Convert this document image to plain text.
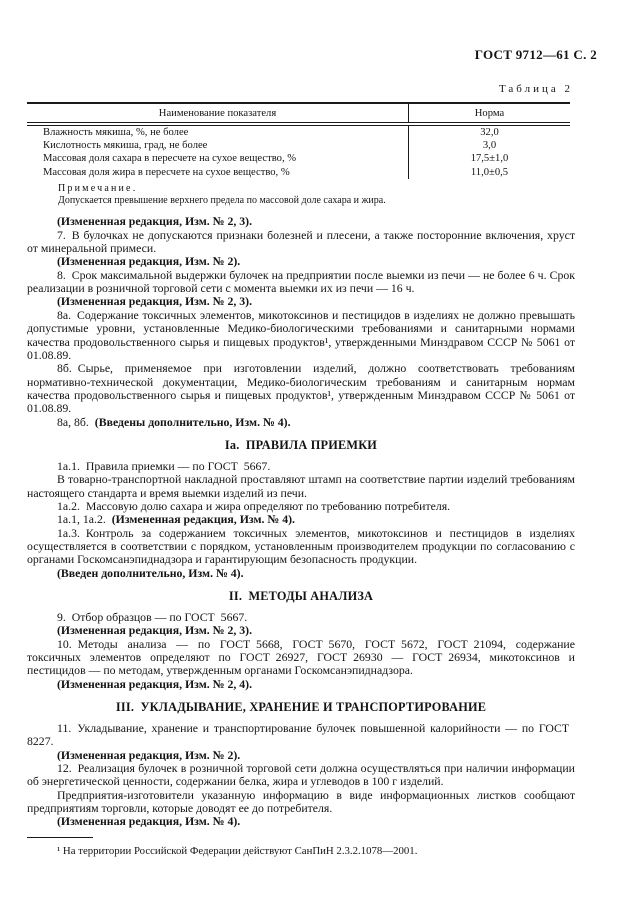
ГОСТ 9712—61 С. 2
Таблица 2
Наименование показателя	Норма
Влажность мякиша, %, не более	32,0
Кислотность мякиша, град, не более	3,0
Массовая доля сахара в пересчете на сухое вещество, %	17,5±1,0
Массовая доля жира в пересчете на сухое вещество, %	11,0±0,5
Примечание.
Допускается превышение верхнего предела по массовой доле сахара и жира.
(Измененная редакция, Изм. № 2, 3).
7. В булочках не допускаются признаки болезней и плесени, а также посторонние включения, хруст от минеральной примеси.
(Измененная редакция, Изм. № 2).
8. Срок максимальной выдержки булочек на предприятии после выемки из печи — не более 6 ч. Срок реализации в розничной торговой сети с момента выемки их из печи — 16 ч.
(Измененная редакция, Изм. № 2, 3).
8а. Содержание токсичных элементов, микотоксинов и пестицидов в изделиях не должно превышать допустимые уровни, установленные Медико-биологическими требованиями и санитарными нормами качества продовольственного сырья и пищевых продуктов¹, утвержденными Минздравом СССР № 5061 от 01.08.89.
8б. Сырье, применяемое при изготовлении изделий, должно соответствовать требованиям нормативно-технической документации, Медико-биологическим требованиям и санитарным нормам качества продовольственного сырья и пищевых продуктов¹, утвержденным Минздравом СССР № 5061 от 01.08.89.
8а, 8б. (Введены дополнительно, Изм. № 4).
Iа. ПРАВИЛА ПРИЕМКИ
1а.1. Правила приемки — по ГОСТ 5667.
В товарно-транспортной накладной проставляют штамп на соответствие партии изделий требованиям настоящего стандарта и время выемки изделий из печи.
1а.2. Массовую долю сахара и жира определяют по требованию потребителя.
1а.1, 1а.2. (Измененная редакция, Изм. № 4).
1а.3. Контроль за содержанием токсичных элементов, микотоксинов и пестицидов в изделиях осуществляется в соответствии с порядком, установленным производителем продукции по согласованию с органами Госкомсанэпиднадзора и гарантирующим безопасность продукции.
(Введен дополнительно, Изм. № 4).
II. МЕТОДЫ АНАЛИЗА
9. Отбор образцов — по ГОСТ 5667.
(Измененная редакция, Изм. № 2, 3).
10. Методы анализа — по ГОСТ 5668, ГОСТ 5670, ГОСТ 5672, ГОСТ 21094, содержание токсичных элементов определяют по ГОСТ 26927, ГОСТ 26930 — ГОСТ 26934, микотоксинов и пестицидов — по методам, утвержденным органами Госкомсанэпиднадзора.
(Измененная редакция, Изм. № 2, 4).
III. УКЛАДЫВАНИЕ, ХРАНЕНИЕ И ТРАНСПОРТИРОВАНИЕ
11. Укладывание, хранение и транспортирование булочек повышенной калорийности — по ГОСТ 8227.
(Измененная редакция, Изм. № 2).
12. Реализация булочек в розничной торговой сети должна осуществляться при наличии информации об энергетической ценности, содержании белка, жира и углеводов в 100 г изделий.
Предприятия-изготовители указанную информацию в виде информационных листков сообщают предприятиям торговли, которые доводят ее до потребителя.
(Измененная редакция, Изм. № 4).
¹ На территории Российской Федерации действуют СанПиН 2.3.2.1078—2001.
